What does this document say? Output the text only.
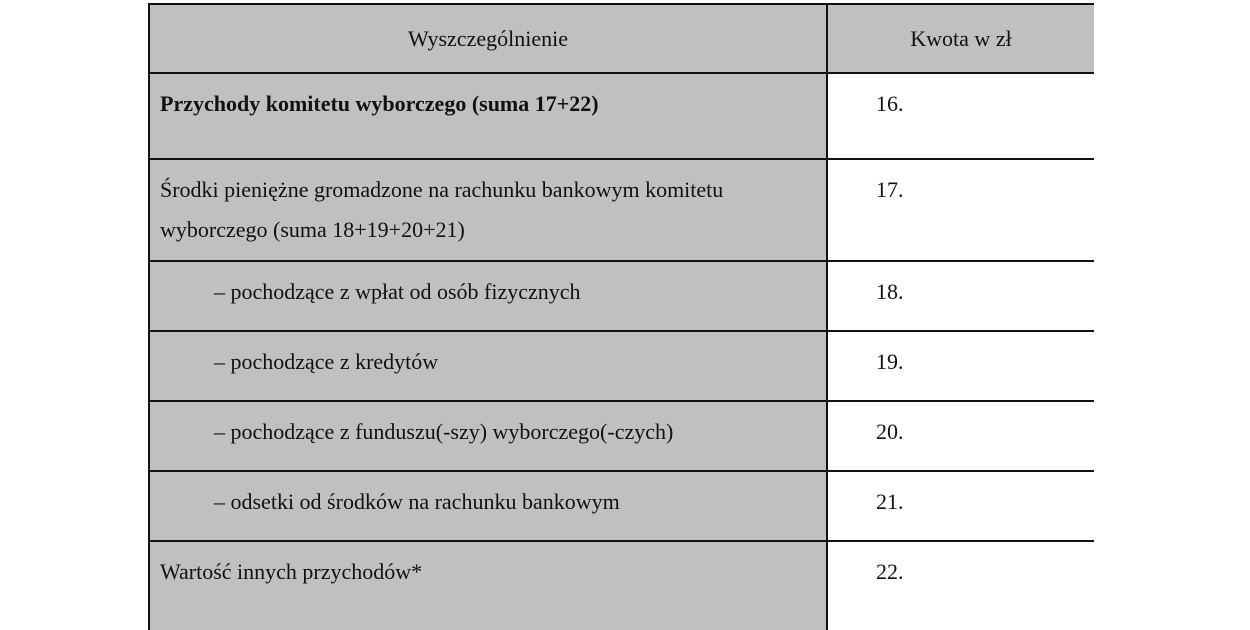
Wyszczególnienie	Kwota w zł

Przychody komitetu wyborczego (suma 17+22)	16.

Środki pieniężne gromadzone na rachunku bankowym komitetu wyborczego (suma 18+19+20+21)	17.

– pochodzące z wpłat od osób fizycznych	18.

– pochodzące z kredytów	19.

– pochodzące z funduszu(-szy) wyborczego(-czych)	20.

– odsetki od środków na rachunku bankowym	21.

Wartość innych przychodów*	22.
